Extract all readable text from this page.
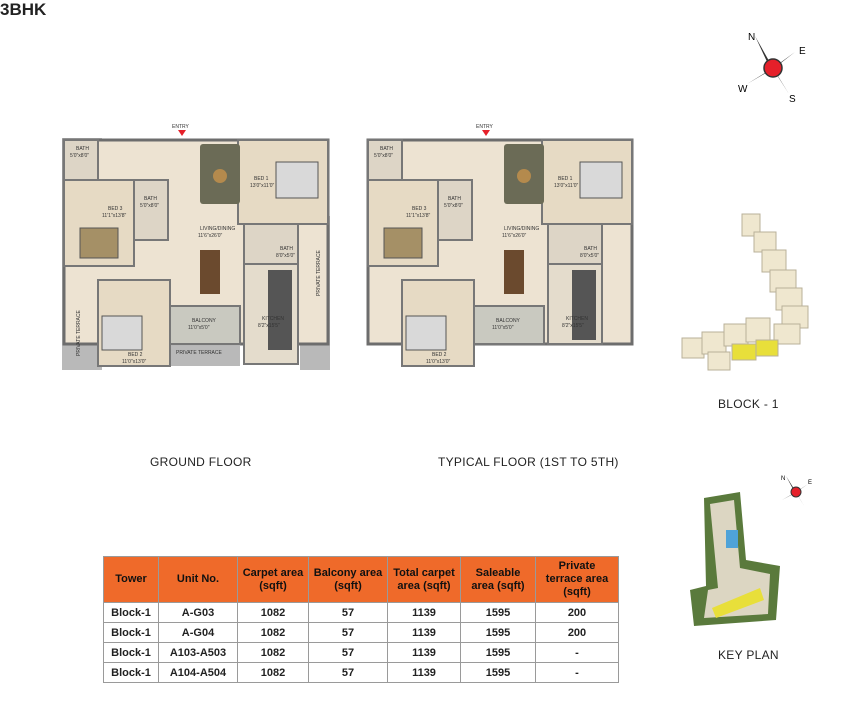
3BHK
N
E
S
W
BATH
5'0"x8'0"
BED 3
11'1"x13'8"
BATH
5'0"x8'0"
BED 1
13'0"x11'0"
LIVING/DINING
11'6"x26'0"
BATH
8'0"x5'0"
BALCONY
11'0"x5'0"
KITCHEN
8'2"x15'5"
BED 2
11'0"x13'0"
PRIVATE TERRACE
PRIVATE TERRACE
PRIVATE TERRACE
ENTRY
BATH
5'0"x8'0"
BED 3
11'1"x13'8"
BATH
5'0"x8'0"
BED 1
13'0"x11'0"
LIVING/DINING
11'6"x26'0"
BATH
8'0"x5'0"
BALCONY
11'0"x5'0"
KITCHEN
8'2"x15'5"
BED 2
11'0"x13'0"
ENTRY
GROUND FLOOR	TYPICAL FLOOR (1ST TO 5TH)
BLOCK - 1
N
E
KEY PLAN
Tower	Unit No.	Carpet area (sqft)	Balcony area (sqft)	Total carpet area (sqft)	Saleable area (sqft)	Private terrace area (sqft)
Block-1	A-G03	1082	57	1139	1595	200
Block-1	A-G04	1082	57	1139	1595	200
Block-1	A103-A503	1082	57	1139	1595	-
Block-1	A104-A504	1082	57	1139	1595	-
